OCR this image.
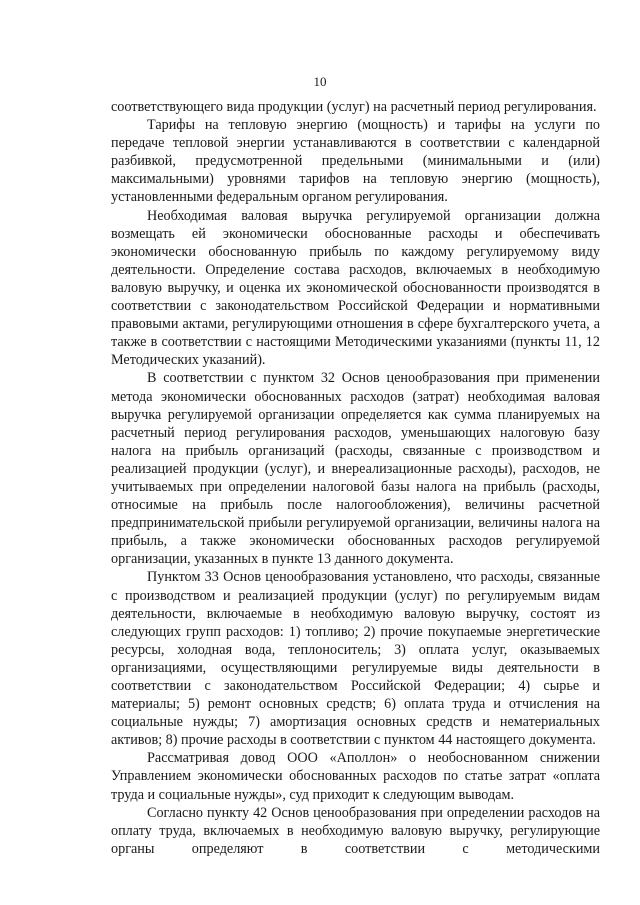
10

соответствующего вида продукции (услуг) на расчетный период регулирования.

Тарифы на тепловую энергию (мощность) и тарифы на услуги по передаче тепловой энергии устанавливаются в соответствии с календарной разбивкой, предусмотренной предельными (минимальными и (или) максимальными) уровнями тарифов на тепловую энергию (мощность), установленными федеральным органом регулирования.

Необходимая валовая выручка регулируемой организации должна возмещать ей экономически обоснованные расходы и обеспечивать экономически обоснованную прибыль по каждому регулируемому виду деятельности. Определение состава расходов, включаемых в необходимую валовую выручку, и оценка их экономической обоснованности производятся в соответствии с законодательством Российской Федерации и нормативными правовыми актами, регулирующими отношения в сфере бухгалтерского учета, а также в соответствии с настоящими Методическими указаниями (пункты 11, 12 Методических указаний).

В соответствии с пунктом 32 Основ ценообразования при применении метода экономически обоснованных расходов (затрат) необходимая валовая выручка регулируемой организации определяется как сумма планируемых на расчетный период регулирования расходов, уменьшающих налоговую базу налога на прибыль организаций (расходы, связанные с производством и реализацией продукции (услуг), и внереализационные расходы), расходов, не учитываемых при определении налоговой базы налога на прибыль (расходы, относимые на прибыль после налогообложения), величины расчетной предпринимательской прибыли регулируемой организации, величины налога на прибыль, а также экономически обоснованных расходов регулируемой организации, указанных в пункте 13 данного документа.

Пунктом 33 Основ ценообразования установлено, что расходы, связанные с производством и реализацией продукции (услуг) по регулируемым видам деятельности, включаемые в необходимую валовую выручку, состоят из следующих групп расходов: 1) топливо; 2) прочие покупаемые энергетические ресурсы, холодная вода, теплоноситель; 3) оплата услуг, оказываемых организациями, осуществляющими регулируемые виды деятельности в соответствии с законодательством Российской Федерации; 4) сырье и материалы; 5) ремонт основных средств; 6) оплата труда и отчисления на социальные нужды; 7) амортизация основных средств и нематериальных активов; 8) прочие расходы в соответствии с пунктом 44 настоящего документа.

Рассматривая довод ООО «Аполлон» о необоснованном снижении Управлением экономически обоснованных расходов по статье затрат «оплата труда и социальные нужды», суд приходит к следующим выводам.

Согласно пункту 42 Основ ценообразования при определении расходов на оплату труда, включаемых в необходимую валовую выручку, регулирующие органы определяют в соответствии с методическими
